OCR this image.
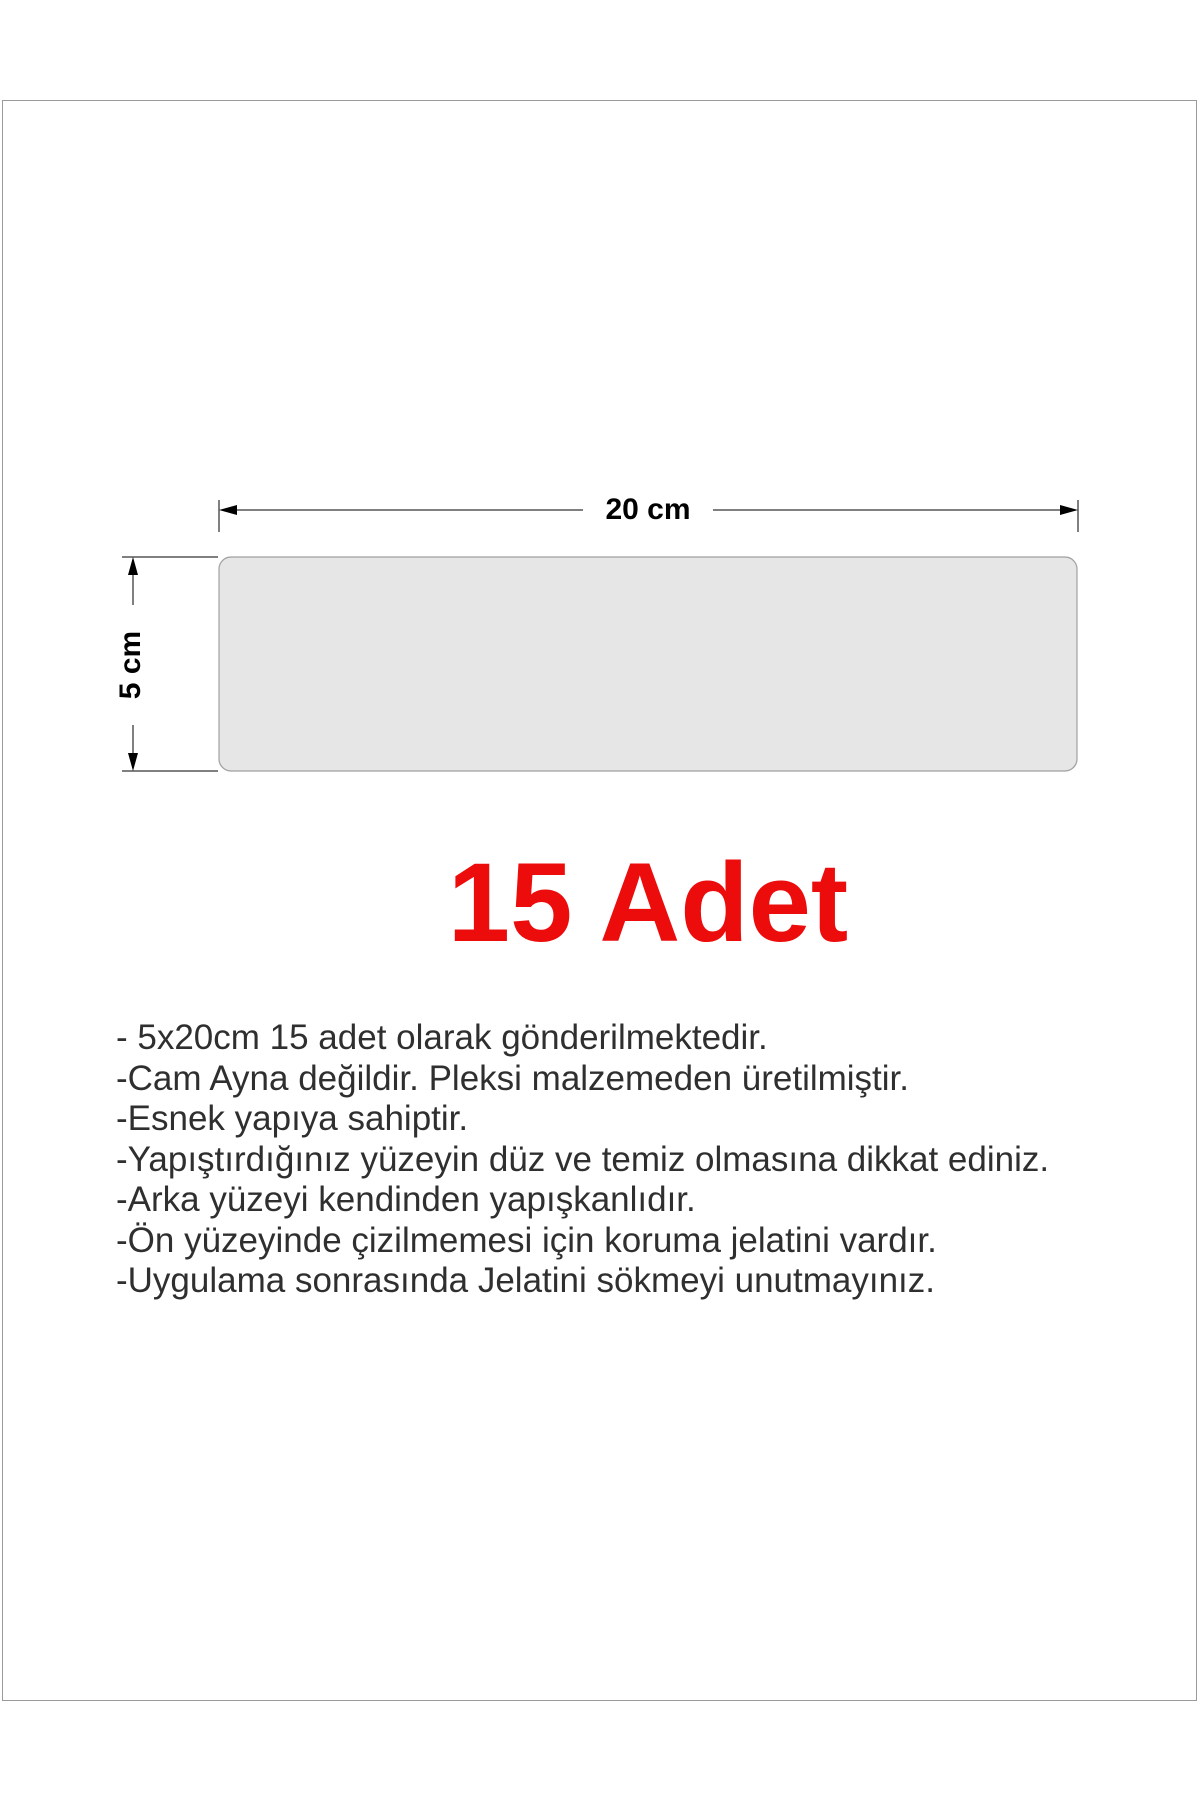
20 cm
5 cm
15 Adet
- 5x20cm 15 adet olarak gönderilmektedir.
-Cam Ayna değildir. Pleksi malzemeden üretilmiştir.
-Esnek yapıya sahiptir.
-Yapıştırdığınız yüzeyin düz ve temiz olmasına dikkat ediniz.
-Arka yüzeyi kendinden yapışkanlıdır.
-Ön yüzeyinde çizilmemesi için koruma jelatini vardır.
-Uygulama sonrasında Jelatini sökmeyi unutmayınız.
